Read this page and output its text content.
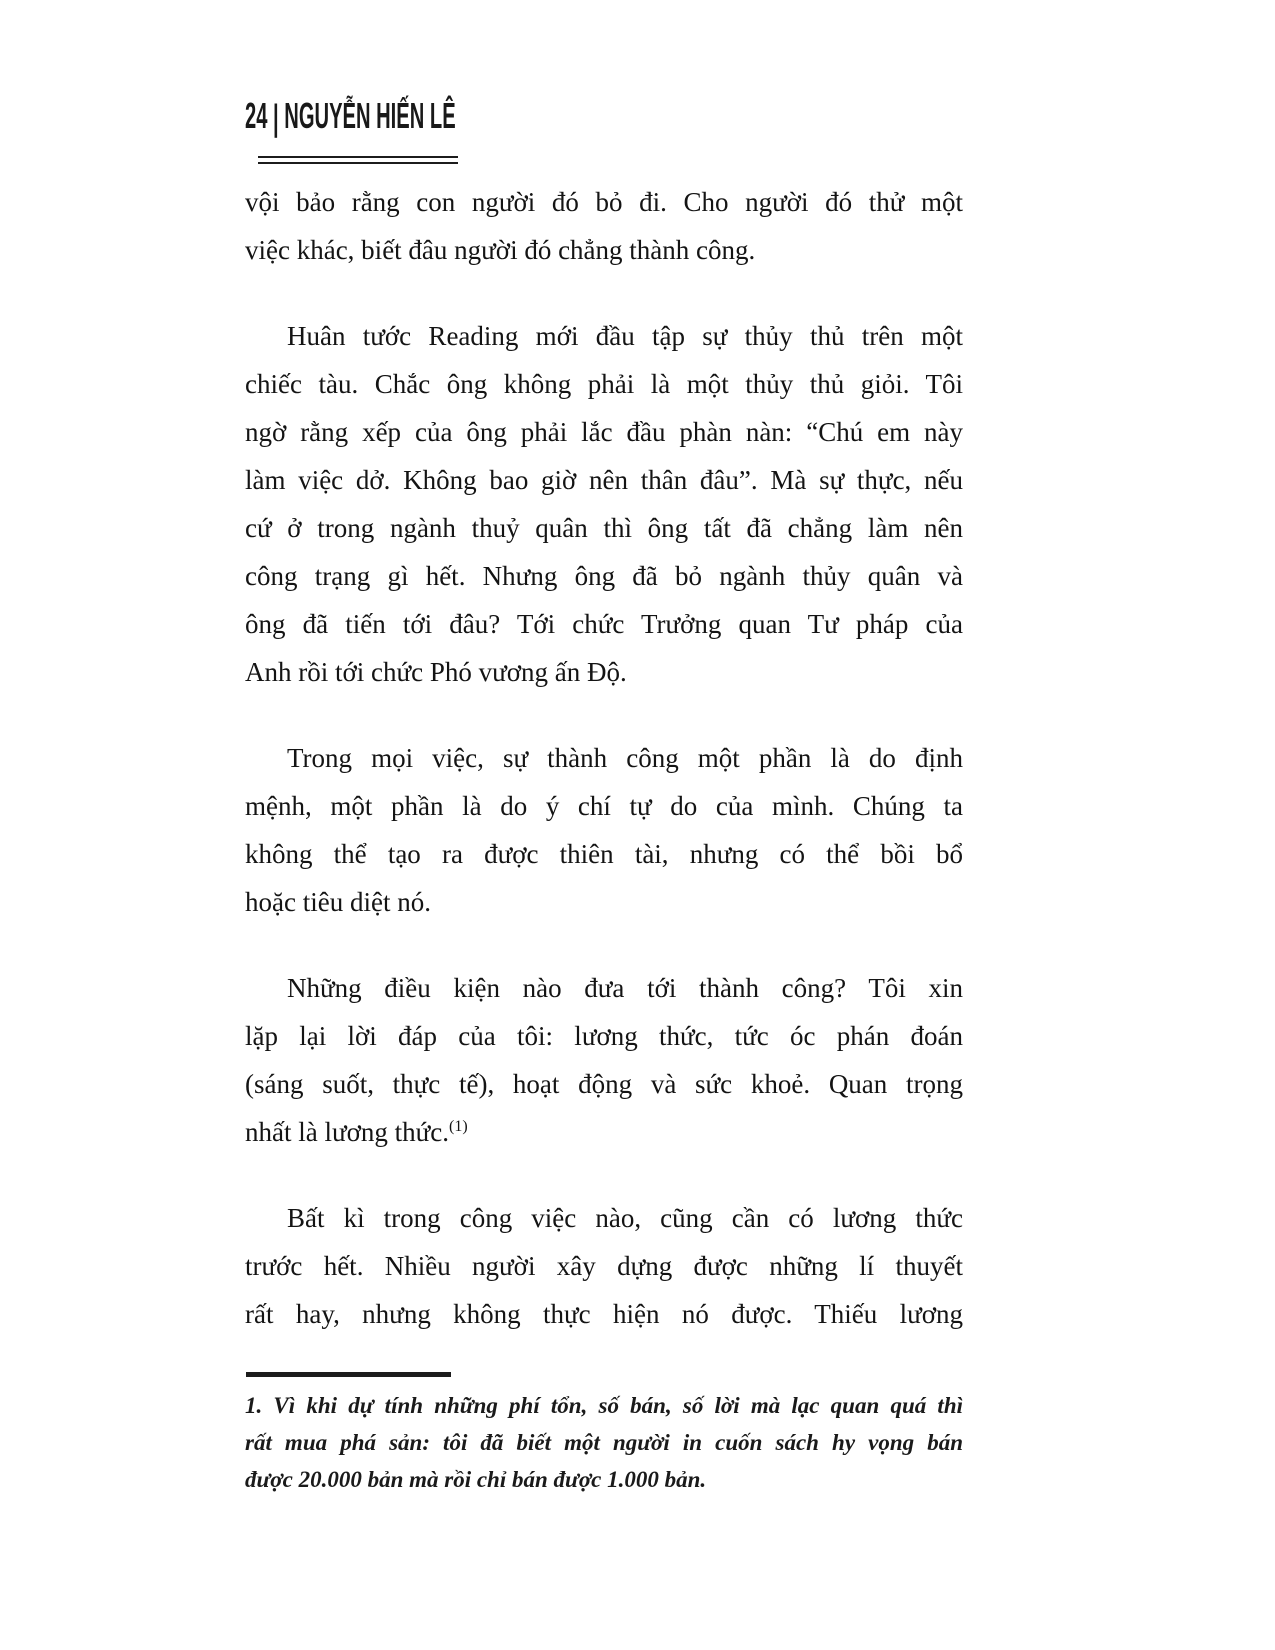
24 | NGUYỄN HIẾN LÊ
vội bảo rằng con người đó bỏ đi. Cho người đó thử một
việc khác, biết đâu người đó chẳng thành công.
Huân tước Reading mới đầu tập sự thủy thủ trên một
chiếc tàu. Chắc ông không phải là một thủy thủ giỏi. Tôi
ngờ rằng xếp của ông phải lắc đầu phàn nàn: “Chú em này
làm việc dở. Không bao giờ nên thân đâu”. Mà sự thực, nếu
cứ ở trong ngành thuỷ quân thì ông tất đã chẳng làm nên
công trạng gì hết. Nhưng ông đã bỏ ngành thủy quân và
ông đã tiến tới đâu? Tới chức Trưởng quan Tư pháp của
Anh rồi tới chức Phó vương ấn Độ.
Trong mọi việc, sự thành công một phần là do định
mệnh, một phần là do ý chí tự do của mình. Chúng ta
không thể tạo ra được thiên tài, nhưng có thể bồi bổ
hoặc tiêu diệt nó.
Những điều kiện nào đưa tới thành công? Tôi xin
lặp lại lời đáp của tôi: lương thức, tức óc phán đoán
(sáng suốt, thực tế), hoạt động và sức khoẻ. Quan trọng
nhất là lương thức.$^{(1)}$
Bất kì trong công việc nào, cũng cần có lương thức
trước hết. Nhiều người xây dựng được những lí thuyết
rất hay, nhưng không thực hiện nó được. Thiếu lương
1. Vì khi dự tính những phí tổn, số bán, số lời mà lạc quan quá thì
rất mua phá sản: tôi đã biết một người in cuốn sách hy vọng bán
được 20.000 bản mà rồi chỉ bán được 1.000 bản.
